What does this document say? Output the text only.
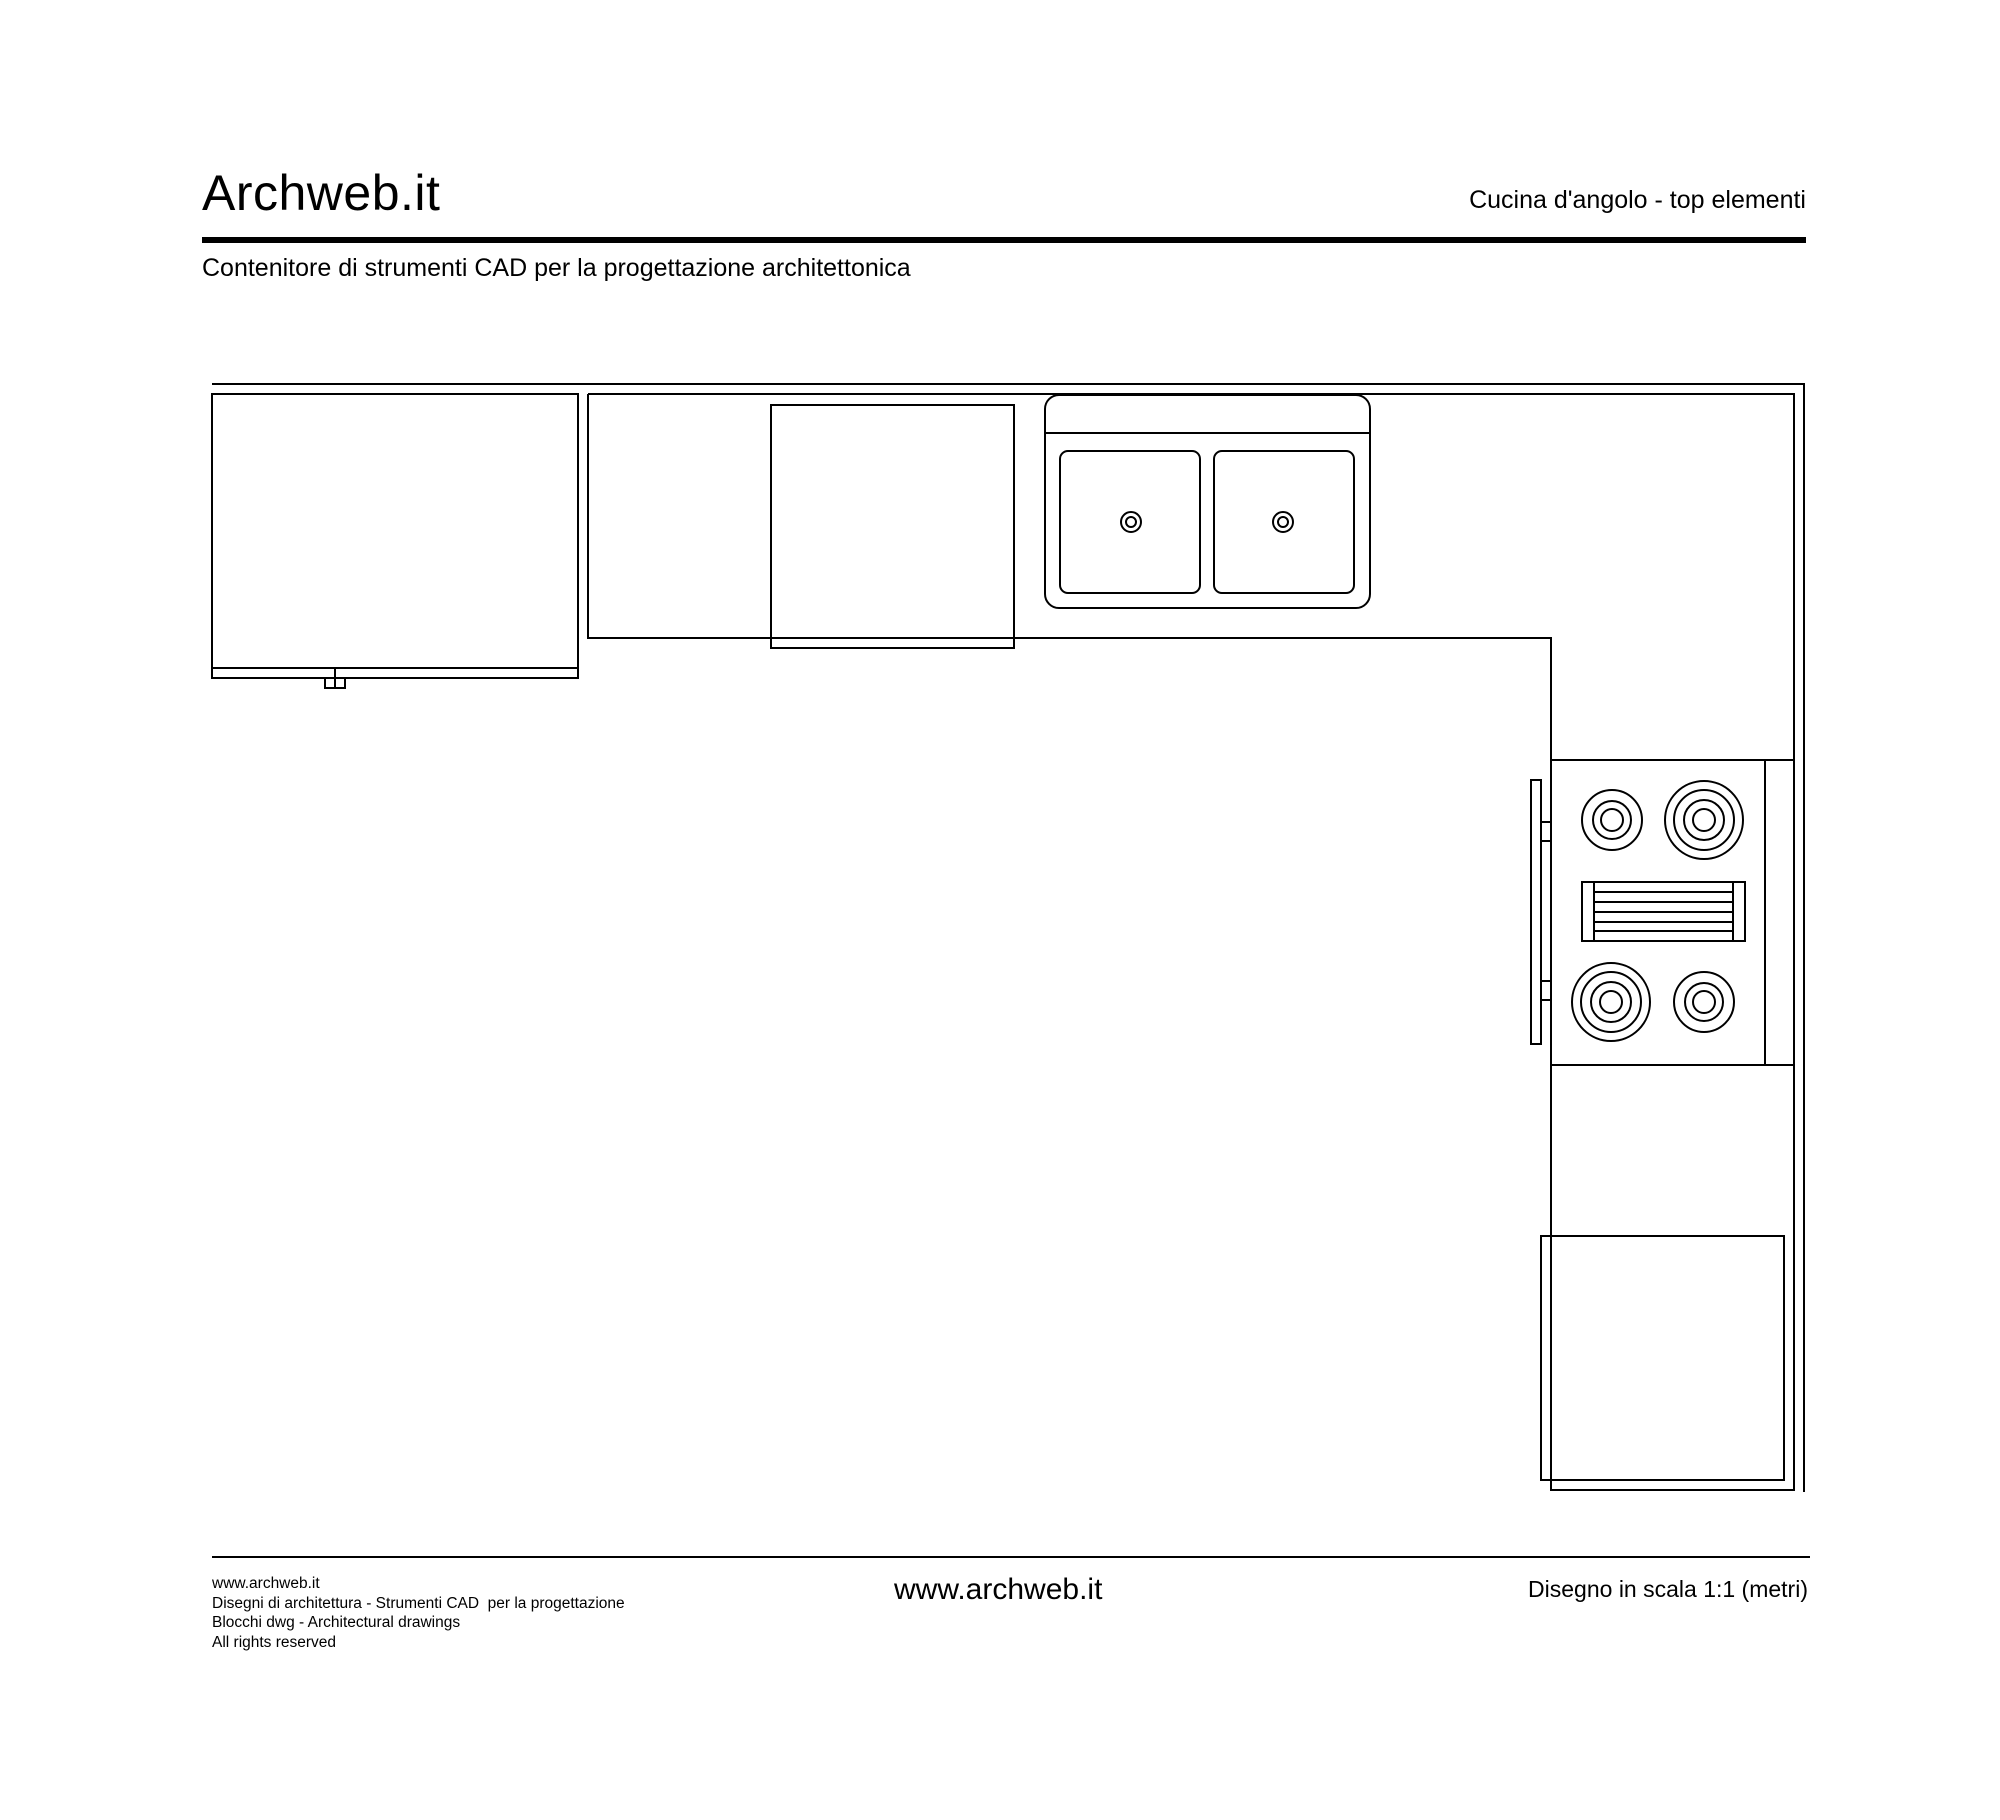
Archweb.it	Cucina d'angolo - top elementi
Contenitore di strumenti CAD per la progettazione architettonica
www.archweb.it
Disegni di architettura - Strumenti CAD  per la progettazione
Blocchi dwg - Architectural drawings
All rights reserved
www.archweb.it	Disegno in scala 1:1 (metri)
